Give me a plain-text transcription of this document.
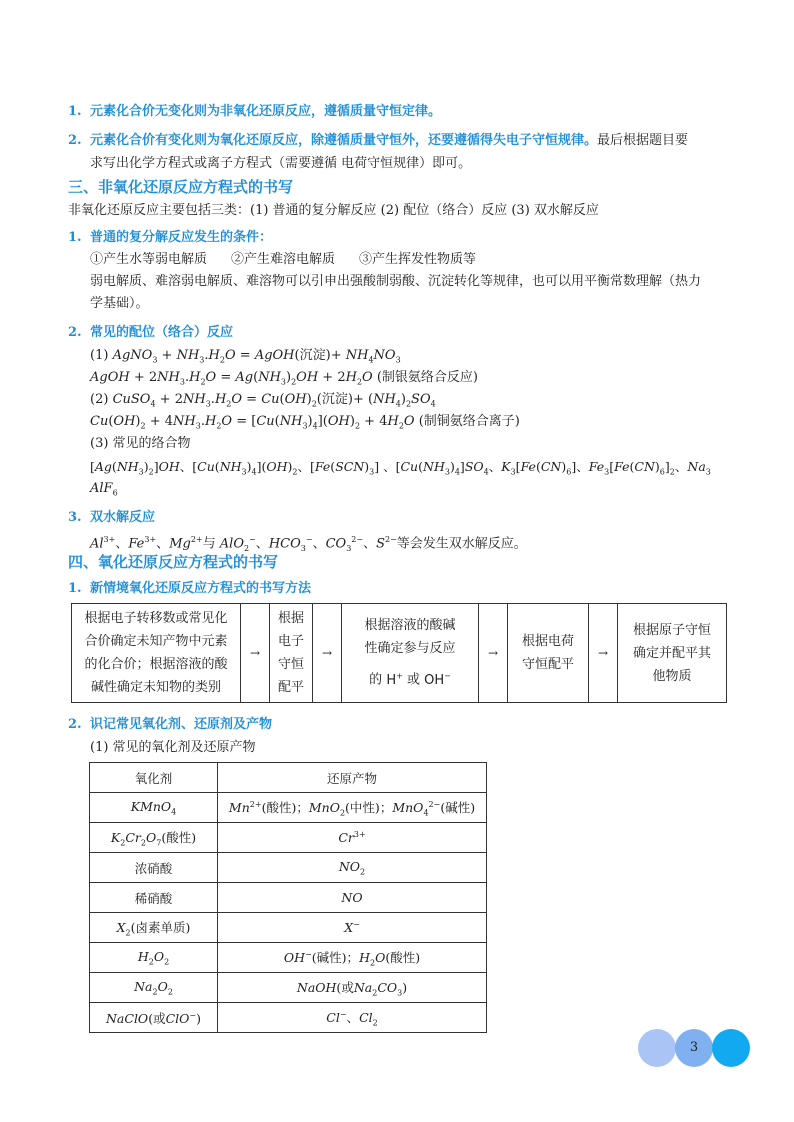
1. 元素化合价无变化则为非氧化还原反应，遵循质量守恒定律。
2. 元素化合价有变化则为氧化还原反应，除遵循质量守恒外，还要遵循得失电子守恒规律。最后根据题目要
求写出化学方程式或离子方程式（需要遵循 电荷守恒规律）即可。
三、非氧化还原反应方程式的书写
非氧化还原反应主要包括三类：(1) 普通的复分解反应 (2) 配位（络合）反应 (3) 双水解反应
1. 普通的复分解反应发生的条件：
①产生水等弱电解质 ②产生难溶电解质 ③产生挥发性物质等
弱电解质、难溶弱电解质、难溶物可以引申出强酸制弱酸、沉淀转化等规律，也可以用平衡常数理解（热力
学基础）。
2. 常见的配位（络合）反应
(1) AgNO$_3$ + $NH_3.H_2O$ = AgOH(沉淀)+ $NH_4NO_3$
AgOH + $2NH_3.H_2O = Ag(NH_3)_2OH + 2H_2O$ (制银氨络合反应)
(2) CuSO$_4$ + $2NH_3.H_2O = Cu(OH)_2$(沉淀)+ $(NH_4)_2SO_4$
$Cu(OH)_2 + 4NH_3.H_2O = [Cu(NH_3)_4](OH)_2 + 4H_2O$ (制铜氨络合离子)
(3) 常见的络合物
$[Ag(NH_3)_2]OH$、$[Cu(NH_3)_4](OH)_2$、$[Fe(SCN)_3]$ 、$[Cu(NH_3)_4]SO_4$、$K_3[Fe(CN)_6]$、$Fe_3[Fe(CN)_6]_2$、$Na_3$
AlF$_6$
3. 双水解反应
$Al^{3+}$、$Fe^{3+}$、$Mg^{2+}$与 AlO$_2$−、$HCO_3^-$、$CO_3^{2-}$、$S^{2-}$等会发生双水解反应。
四、氧化还原反应方程式的书写
1. 新情境氧化还原反应方程式的书写方法
根据电子转移数或常见化
合价确定未知产物中元素
的化合价；根据溶液的酸
碱性确定未知物的类别
	→	
根据
电子
守恒
配平
	→	
根据溶液的酸碱
性确定参与反应
的 H+ 或 OH−
	→	
根据电荷
守恒配平
	→	
根据原子守恒
确定并配平其
他物质
2. 识记常见氧化剂、还原剂及产物
(1) 常见的氧化剂及还原产物
氧化剂	还原产物
KMnO$_4$	$Mn^{2+}$(酸性)；MnO$_2$(中性)；MnO$_4^{2-}$(碱性)
$K_2Cr_2O_7$(酸性)	$Cr^{3+}$
浓硝酸	$NO_2$
稀硝酸	NO
$X_2$(卤素单质)	X−
$H_2O_2$	OH−(碱性)；$H_2O$(酸性)
$Na_2O_2$	NaOH(或$Na_2CO_3$)
NaClO(或ClO−)	Cl−、$Cl_2$
3
